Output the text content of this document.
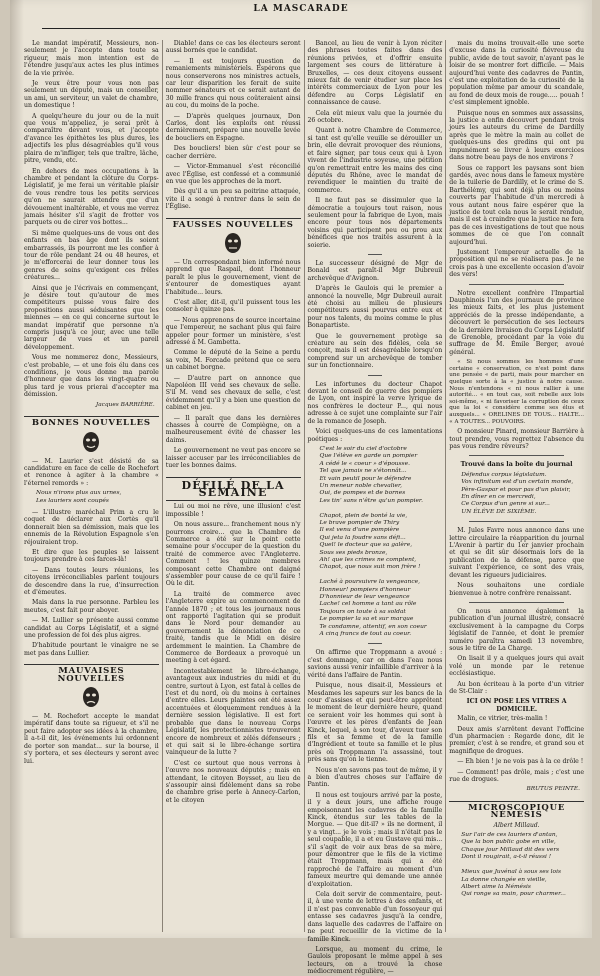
LA MASCARADE

Le mandat impératif, Messieurs, non-seulement je l'accepte dans toute sa rigueur, mais mon intention est de l'étendre jusqu'aux actes les plus intimes de la vie privée.

Je veux être pour vous non pas seulement un député, mais un conseiller, un ami, un serviteur, un valet de chambre, un domestique !

A quelqu'heure du jour ou de la nuit que vous m'appeliez, je serai prêt à comparaître devant vous, et j'accepte d'avance les épithètes les plus dures, les adjectifs les plus désagréables qu'il vous plaira de m'infliger, tels que traître, lâche, pitre, vendu, etc.

En dehors de mes occupations à la chambre et pendant la clôture du Corps-Législatif, je me ferai un véritable plaisir de vous rendre tous les petits services qu'on ne saurait attendre que d'un dévouement inaltérable, et vous me verrez jamais hésiter s'il s'agit de frotter vos parquets ou de cirer vos bottes...

Si même quelques-uns de vous ont des enfants en bas âge dont ils soient embarrassés, ils pourront me les confier à tour de rôle pendant 24 ou 48 heures, et je m'efforcerai de leur donner tous les genres de soins qu'exigent ces frêles créatures...

Ainsi que je l'écrivais en commençant, je désire tout qu'autour de mes compétiteurs puisse vous faire des propositions aussi séduisantes que les miennes — en ce qui concerne surtout le mandat impératif que personne n'a compris jusqu'à ce jour, avec une telle largeur de vues et un pareil développement.

Vous me nommerez donc, Messieurs, c'est probable, — et une fois élu dans ces conditions, je vous donne ma parole d'honneur que dans les vingt-quatre ou plus tard je vous prierai d'accepter ma démission.

Jacques BARRIÈRE.
BONNES NOUVELLES

— M. Laurier s'est désisté de sa candidature en face de celle de Rochefort et renonce à agiter à la chambre « l'éternel remords » :

Nous n'irons plus aux urnes,
Les lauriers sont coupés

— L'illustre maréchal Prim a cru le coquet de déclarer aux Cortès qu'il donnerait bien sa démission, mais que les ennemis de la Révolution Espagnole s'en réjouiraient trop.

Et dire que les peuples se laissent toujours prendre à ces farces-là!

— Dans toutes leurs réunions, les citoyens irréconciliables parlent toujours de descendre dans la rue, d'insurrection et d'émeutes.

Mais dans la rue personne. Parbleu les meutes, c'est fait pour aboyer.

— M. Lullier se présente aussi comme candidat au Corps Législatif, et a signé une profession de foi des plus aigres.

D'habitude pourtant le vinaigre ne se met pas dans Lullier.

MAUVAISES NOUVELLES

— M. Rochefort accepte le mandat impératif dans toute sa rigueur, et s'il ne peut faire adopter ses idées à la chambre, il a-t-il dit, les événements lui ordonnent de porter son mandat... sur la bourse, il s'y portera, et ses électeurs y seront avec lui.

Diable! dans ce cas les électeurs seront aussi bornés que le candidat.

— Il est toujours question de remaniements ministériels. Espérons que nous conserverons nos ministres actuels, car leur disparition les ferait de suite nommer sénateurs et ce serait autant de 30 mille francs qui nous coûteraient ainsi au cou, du moins de la poche.

— D'après quelques journaux, Don Carlos, dont les exploits ont réussi dernièrement, prépare une nouvelle levée de boucliers en Espagne.

Des boucliers! bien sûr c'est pour se cacher derrière.

— Victor-Emmanuel s'est réconcilié avec l'Église, est confessé et a communié en vue que les approches de la mort.

Dès qu'il a un peu sa poitrine attaquée, vite il a songé à rentrer dans le sein de l'Église.

FAUSSES NOUVELLES

— Un correspondant bien informé nous apprend que Raspail, dont l'honneur paraît le plus le gouvernement, vient de s'entourer de domestiques ayant l'habitude... leurs.

C'est aller, dit-il, qu'il puissent tous les consoler à quinze pas.

— Nous apprenons de source incertaine que l'empereur, ne sachant plus qui faire appeler pour former un ministère, s'est adressé à M. Gambetta.

Comme le député de la Seine a perdu sa voix, M. Forcade prétend que ce sera un cabinet borgne.

— D'autre part on annonce que Napoléon III vend ses chevaux de selle. S'il M. vend ses chevaux de selle, c'est évidemment qu'il y a bien une question de cabinet en jeu.

— Il paraît que dans les dernières chasses à courre de Compiègne, on a malheureusement évité de chasser les daims.

Le gouvernement ne veut pas encore se laisser accuser par les irréconciliables de tuer les bonnes daims.

DÉFILÉ DE LA SEMAINE

Lui ou moi ne rêve, une illusion! c'est impossible !

On nous assure... franchement nous n'y pourrons croire... que la Chambre de Commerce a été sur le point cette semaine pour s'occuper de la question du traité de commerce avec l'Angleterre. Comment ! les quinze membres composant cette Chambre ont daigné s'assembler pour cause de ce qu'il faire ! Où le dit.

La traité de commerce avec l'Angleterre expire au commencement de l'année 1870 ; et tous les journaux nous ont rapporté l'agitation qui se produit dans le Nord pour demander au gouvernement la dénonciation de ce traité, tandis que le Midi en désire ardemment le maintien. La Chambre de Commerce de Bordeaux a provoqué un meeting à cet égard.

Incontestablement le libre-échange, avantageux aux industries du midi et du centre, surtout à Lyon, est fatal à celles de l'est et du nord, où du moins à certaines d'entre elles. Leurs plaintes ont été assez accentuées et éloquemment rendues à la dernière session législative. Il est fort probable que dans le nouveau Corps Législatif, les protectionnistes trouveront encore de nombreux et zélés défenseurs ; et qui sait si le libre-échange sortira vainqueur de la lutte ?

C'est ce surtout que nous verrons à l'œuvre nos nouveaux députés ; mais en attendant, le citoyen Boysset, au lieu de s'assoupir ainsi fidèlement dans sa robe de chambre grise perle à Annecy-Carlon, et le citoyen

Bancel, au lieu de venir à Lyon réciter des phrases toutes faites dans des réunions privées, et d'offrir ensuite largement ses cours de littérature à Bruxelles, — ces deux citoyens eussent mieux fait de venir étudier sur place les intérêts commerciaux de Lyon pour les défendre au Corps Législatif en connaissance de cause.

Cela eût mieux valu que la journée du 26 octobre.

Quant à notre Chambre de Commerce, si tant est qu'elle veuille se dérouiller un brin, elle devrait provoquer des réunions, et faire signer, par tous ceux qui à Lyon vivent de l'industrie soyeuse, une pétition qu'on remettrait entre les mains des cinq députés du Rhône, avec le mandat de revendiquer le maintien du traité de commerce.

Il ne faut pas se dissimuler que la démocratie a toujours tout raison, nous seulement pour la fabrique de Lyon, mais encore pour tous nos départements voisins qui participent peu ou prou aux bénéfices que nos traités assurent à la soierie.

Le successeur désigné de Mgr de Bonald est paraît-il Mgr Dubreuil archevêque d'Avignon.

D'après le Gaulois qui le premier a annoncé la nouvelle, Mgr Dubreuil aurait été choisi au milieu de plusieurs compétiteurs aussi pourvus entre eux et pour nos talents, du moins comme le plus Bonapartiste.

Que le gouvernement protège sa créature au sein des fidèles, cela se conçoit, mais il est désagréable lorsqu'on comprend sur un archevêque de tomber sur un fonctionnaire.

Les infortunes du docteur Chapot devant le conseil de guerre des pompiers de Lyon, ont inspiré la verve lyrique de nos confrères le docteur P..., qui nous adresse à ce sujet une complainte sur l'air de la romance de Joseph.

Voici quelques-uns de ces lamentations poétiques :

C'est le soir du ciel d'octobre
Que l'élève en garde un pompier
A cédé le « coeur » d'épousse.
Tel que jamais ne s'étonnât...
Et vain peutil pour le défendre
Un meneur noble chevalier,
Oui, de pompes et de bornes
Les tin’ sans n'être qu'un pompier.

Chapot, plein de bonté la vie,
Le brave pompier de Thiry
Il est venu d'une pompière
Qui jeta la foudre sans défi...
Quel! le docteur que sa galère,
Sous ses pieds bronze,
Ah! que les crimes ne comptent,
Chapot, que nous suit mon frère !

Laché à poursuivre la vengeance,
Honneur! pompiers d'honneur
D'honnieur de leur vengeance
Lache! cel homme a tant au rôle
Toujours on toute à sa soldat
Le pompier la sa et sur marque
Te condamne, attentif, en son coeur
A cinq francs de tout au coeur.

On affirme que Troppmann a avoué : c'est dommage, car on dans l'eau nous savions aussi venir infaillible d'arriver à la vérité dans l'affaire de Pantin.

Puisque, nous disait-il, Messieurs et Mesdames les sapeurs sur les bancs de la cour d'assises et qui peut-être apprêtent le moment de leur dernière heure, quand ce seraient voir les hommes qui sont à l'œuvre et les pères d'enfants de Jean Kinck, lequel, à son tour, d'aveux tuer son fils et sa femme et de la famille d'Ingrédient et toute sa famille et le plus près où Troppmann l'a assassiné, tout près sans qu'on le tienne.

Nous n'en savons pas tout de même, il y a bien d'autres choses sur l'affaire de Pantin.

Il nous est toujours arrivé par la poste, il y a deux jours, une affiche rouge empoisonnant les cadavres de la famille Kinck, étendus sur les tables de la Morgue. — Que dit-il? » ils ne dorment, il y a vingt... je le vois ; mais il n'était pas le seul coupable, il a et eu Gustave qui mis... s'il s'agit de voir aux bras de sa mère, pour démontrer que le fils de la victime était Troppmann, mais qui a été rapproché de l'affaire au moment d'un fameux meurtre qui demande une année d'exploitation.

Cela doit servir de commentaire, peut-il, à une vente de lettres à des enfants, et il n'est pas convenable d'un fossoyeur qui entasse ses cadavres jusqu'à la cendre, dans laquelle des cadavres de l'affaire on ne peut recueillir de la victime de la famille Kinck.

Lorsque, au moment du crime, le Gaulois proposant le même appel à ses lecteurs, on a trouvé la chose médiocrement régulière, —

mais du moins trouvait-elle une sorte d'excuse dans la curiosité fiévreuse du public, avide de tout savoir, n'ayant pas le loisir de se montrer fort difficile. — Mais aujourd'hui vente des cadavres de Pantin, c'est une exploitation de la curiosité de la population même par amour du scandale, au fond de deux mois de rouge..... pouah ! c'est simplement ignoble.

Puisque nous en sommes aux assassins, la justice a enfin découvert pendant trois jours les auteurs du crime de Dardilly après que le mètre la main au collet de quelques-uns des gredins qui ont pu impunément se livrer à leurs exercices dans notre beau pays de nos environs ?

Sous ce rapport les paysans sont bien gardés, avec nous dans le fameux mystère de la tuilerie de Dardilly, et le crime de S. Barthélémy, qui sont déjà plus ou moins couverts par l'habitude d'un mercredi à vous autant nous faire espérer que la justice de tout cela nous le serait rendue, mais il est à craindre que la justice ne fera pas de ces investigations de tout que nous sommes de ce que l'on connaît aujourd'hui.

Justement l'empereur actuelle de la proposition qui ne se réalisera pas. Je ne crois pas à une excellente occasion d'avoir des vers!

Notre excellent confrère l'Impartial Dauphinois l'un des journaux de province les mieux faits, et les plus justement appréciés de la presse indépendante, a découvert le persécution de ses lecteurs de la dernière livraison du Corps Législatif de Grenoble, procédant par la voie du suffrage de M. Émile Berger, avoué général.

« Si nous sommes les hommes d'une certaine « conservation, ce n'est point dans une pensée « de parti, mais pour marcher en quelque sorte à la « justice à notre cause. Nous n'entendons « ni nous rallier à une autorité... « en tout cas, soit rebelle aux lois soi-même, « ni favoriser la corruption de ceux que la loi « considère comme ses élus et auxquels... « ORELINES DE TOUS... HALTE... « A TOUTES... POUVOIRS.

O monsieur Pinard, monsieur Barrière à tout prendre, vous regrettez l'absence du pas vous rendre rêveurs?

Trouvé dans la boîte du journal
Défendus corpus législatum.
Vox infinitum est d'un certain monde,
Père-Gaspar et pour pas d'un plaisir,
En dîner en ce mercredi,
Ce Corpus d'un genre si sur...
UN ÉLÈVE DE SIXIÈME.

M. Jules Favre nous annonce dans une lettre circulaire la réapparition du journal L'Avenir à partir du 1er janvier prochain et qui se dit sûr désormais lors de la publication de la défense, parce que suivant l'expérience, ce sont des vrais, devant les rigueurs judiciaires.

Nous souhaitons une cordiale bienvenue à notre confrère renaissant.

On nous annonce également la publication d'un journal illustré, consacré exclusivement à la campagne du Corps législatif de l'année, et dont le premier numéro paraîtra samedi 13 novembre, sous le titre de La Charge.

On lisait il y a quelques jours qui avait volé un monde par le retenue ecclésiastique.

Au bon écriteau à la porte d'un vitrier de St-Clair :

ICI ON POSE LES VITRES A DOMICILE.

Malin, ce vitrier, très-malin !

Deux amis s'arrêtent devant l'officine d'un pharmacien : Regarde donc, dit le premier, c'est à se rendre, et grand sou et magnifique de drogues.

— Eh bien ! je ne vois pas à la ce drôle !

— Comment! pas drôle, mais ; c'est une rue de drogues.

BRUTUS PEINTE.
MICROSCOPIQUE NÉMÉSIS
Albert Millaud.
Sur l'air de ces lauriers d'antan,
Que la bon public gobe en ville,
Chaque jour Millaud dit des vers
Dont il rougirait, a-t-il réussi !

Mieux que Juvénal à sous ses lois
La donne changée en vieille,
Albert aime la Némésis
Qui ronge sa main, pour charmer...
